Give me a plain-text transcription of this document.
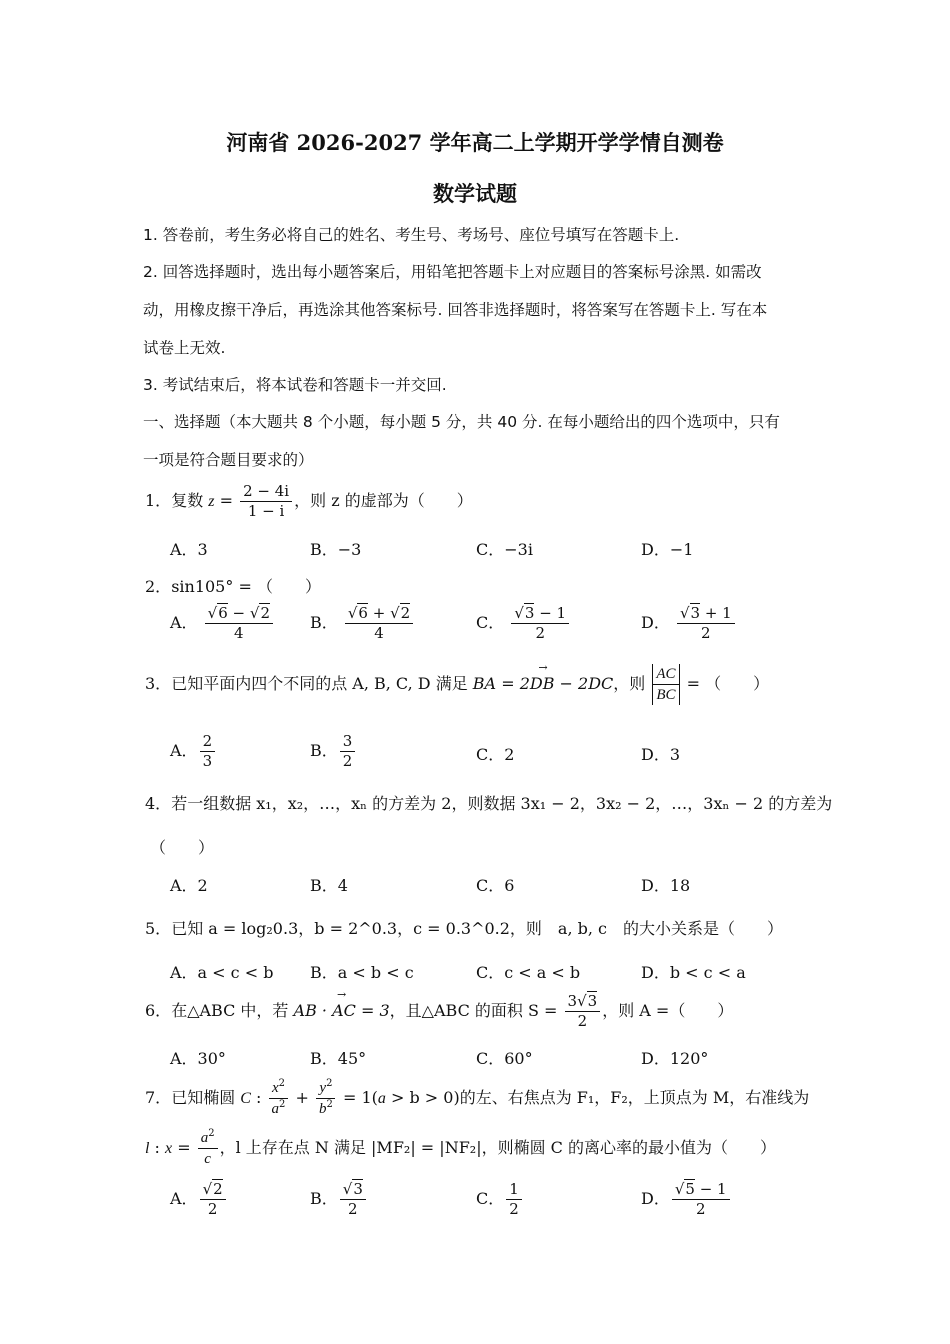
河南省 2026-2027 学年高二上学期开学学情自测卷
数学试题
1. 答卷前，考生务必将自己的姓名、考生号、考场号、座位号填写在答题卡上.
2. 回答选择题时，选出每小题答案后，用铅笔把答题卡上对应题目的答案标号涂黑. 如需改
动，用橡皮擦干净后，再选涂其他答案标号. 回答非选择题时，将答案写在答题卡上. 写在本
试卷上无效.
3. 考试结束后，将本试卷和答题卡一并交回.
一、选择题（本大题共 8 个小题，每小题 5 分，共 40 分. 在每小题给出的四个选项中，只有
一项是符合题目要求的）
1．复数 $z = \frac{2 - 4i}{1 - i}$ ，则 z 的虚部为（　　）
A．3	B．−3	C．−3i	D．−1
2．sin105° = （　　）
A． $\frac{√6 - √2}{4}$ B． $\frac{√6 + √2}{4}$	C． $\frac{√3 - 1}{2}$	D． $\frac{√3 + 1}{2}$
3．已知平面内四个不同的点 A, B, C, D 满足 → BA = 2DB − 2DC，则 $\frac{AC}{BC}$ = （　　）
A． $\frac{2}{3}$	B． $\frac{3}{2}$	C．2	D．3
4．若一组数据 x₁，x₂，…，xₙ 的方差为 2，则数据 3x₁ − 2，3x₂ − 2，…，3xₙ − 2 的方差为
（　　）
A．2	B．4	C．6	D．18
5．已知 a = log₂0.3，b = 2^0.3，c = 0.3^0.2，则　a, b, c　的大小关系是（　　）
A．a < c < b B．a < b < c	C．c < a < b	D．b < c < a
6．在△ABC 中，若 → AB · AC = 3，且△ABC 的面积 $S = \frac{3√3}{2}$ ，则 A =（　　）
A．30°	B．45°	C．60°	D．120°
7．已知椭圆 C : $\frac{x^2}{a^2} + \frac{y^2}{b^2} = 1(a > b > 0)$的左、右焦点为 F₁，F₂，上顶点为 M，右准线为
l : $x = \frac{a^2}{c}$ ，l 上存在点 N 满足 |MF₂| = |NF₂|，则椭圆 C 的离心率的最小值为（　　）
A． $\frac{√2}{2}$	B． $\frac{√3}{2}$	C． $\frac{1}{2}$	D． $\frac{√5 - 1}{2}$
